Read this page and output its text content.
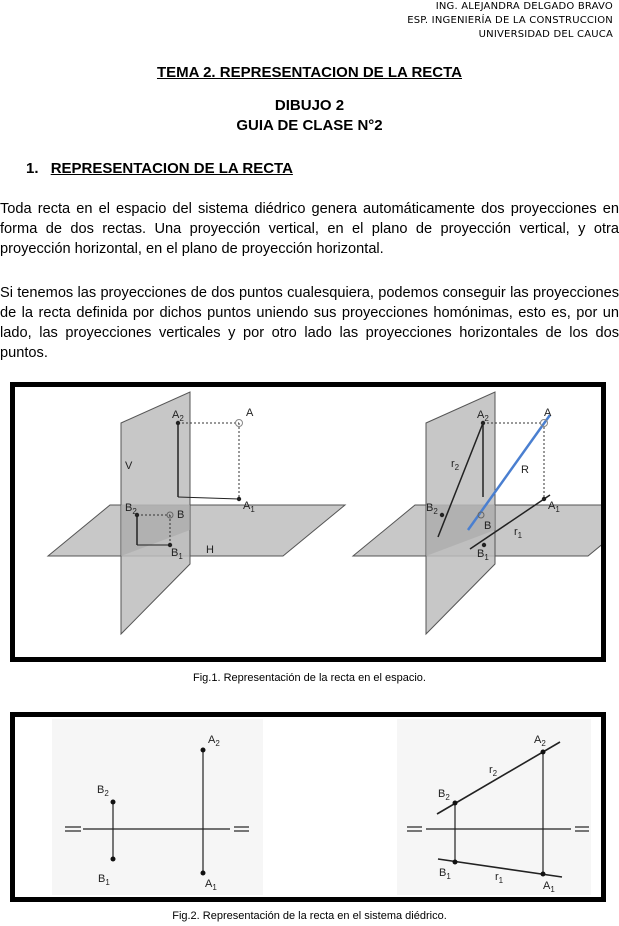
ING. ALEJANDRA DELGADO BRAVO
ESP. INGENIERÍA DE LA CONSTRUCCION
UNIVERSIDAD DEL CAUCA
TEMA 2. REPRESENTACION DE LA RECTA
DIBUJO 2
GUIA DE CLASE N°2
1. REPRESENTACION DE LA RECTA

Toda recta en el espacio del sistema diédrico genera automáticamente dos proyecciones en forma de dos rectas. Una proyección vertical, en el plano de proyección vertical, y otra proyección horizontal, en el plano de proyección horizontal.

Si tenemos las proyecciones de dos puntos cualesquiera, podemos conseguir las proyecciones de la recta definida por dichos puntos uniendo sus proyecciones homónimas, esto es, por un lado, las proyecciones verticales y por otro lado las proyecciones horizontales de los dos puntos.

$A_2$	A
V
$B_2$	B
$A_1$
$B_1$
H
$A_2$	A
$r_2$	R
$B_2$
B
$A_1$
$r_1$
$B_1$
Fig.1. Representación de la recta en el espacio.
$A_2$
$B_2$
$B_1$	$A_1$
$A_2$
$r_2$
$B_2$
$B_1$	$r_1$	$A_1$
Fig.2. Representación de la recta en el sistema diédrico.
